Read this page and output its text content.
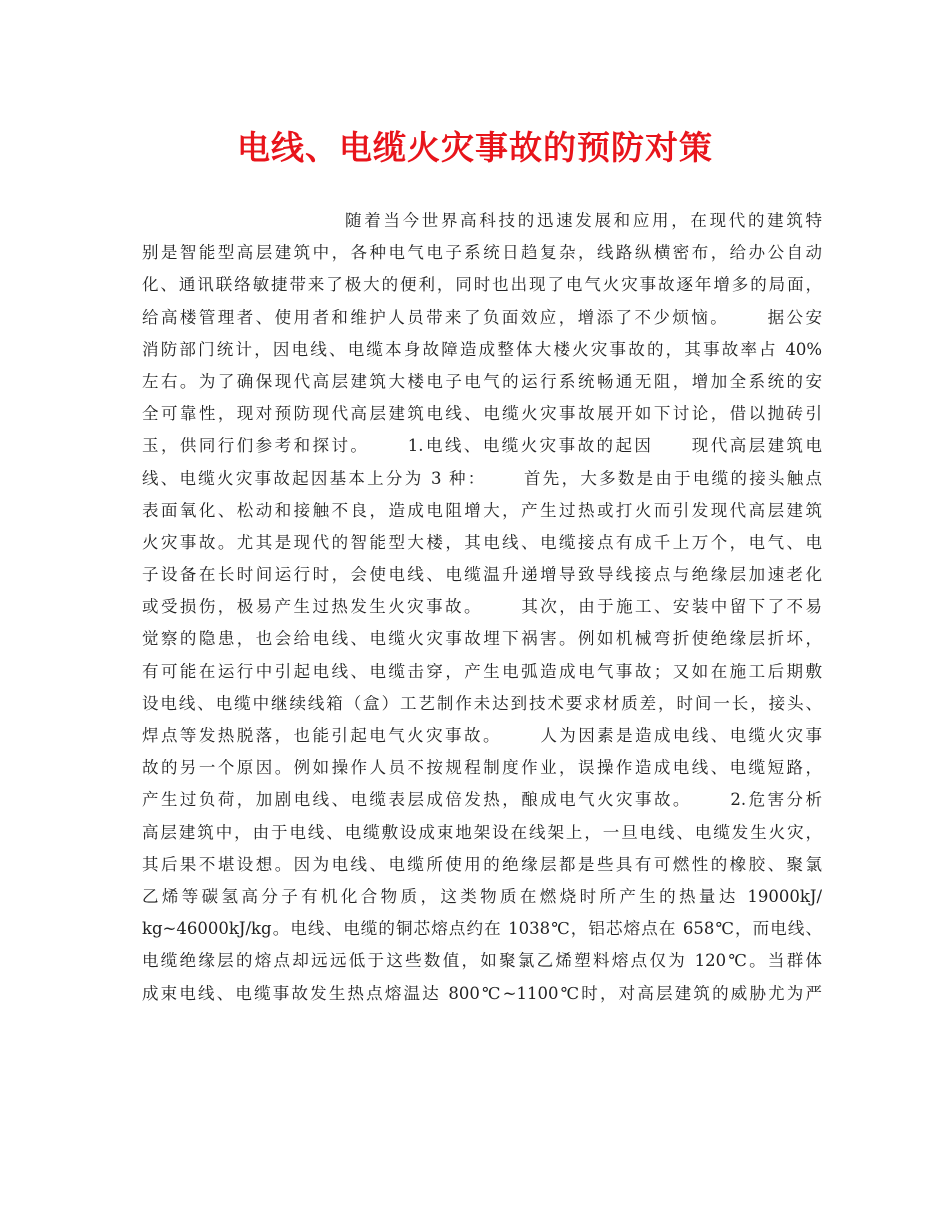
电线、电缆火灾事故的预防对策
随着当今世界高科技的迅速发展和应用，在现代的建筑特
别是智能型高层建筑中，各种电气电子系统日趋复杂，线路纵横密布，给办公自动
化、通讯联络敏捷带来了极大的便利，同时也出现了电气火灾事故逐年增多的局面，
给高楼管理者、使用者和维护人员带来了负面效应，增添了不少烦恼。     据公安
消防部门统计，因电线、电缆本身故障造成整体大楼火灾事故的，其事故率占 40%
左右。为了确保现代高层建筑大楼电子电气的运行系统畅通无阻，增加全系统的安
全可靠性，现对预防现代高层建筑电线、电缆火灾事故展开如下讨论，借以抛砖引
玉，供同行们参考和探讨。     1.电线、电缆火灾事故的起因     现代高层建筑电
线、电缆火灾事故起因基本上分为 3 种：     首先，大多数是由于电缆的接头触点
表面氧化、松动和接触不良，造成电阻增大，产生过热或打火而引发现代高层建筑
火灾事故。尤其是现代的智能型大楼，其电线、电缆接点有成千上万个，电气、电
子设备在长时间运行时，会使电线、电缆温升递增导致导线接点与绝缘层加速老化
或受损伤，极易产生过热发生火灾事故。     其次，由于施工、安装中留下了不易
觉察的隐患，也会给电线、电缆火灾事故埋下祸害。例如机械弯折使绝缘层折坏，
有可能在运行中引起电线、电缆击穿，产生电弧造成电气事故；又如在施工后期敷
设电线、电缆中继续线箱（盒）工艺制作未达到技术要求材质差，时间一长，接头、
焊点等发热脱落，也能引起电气火灾事故。     人为因素是造成电线、电缆火灾事
故的另一个原因。例如操作人员不按规程制度作业，误操作造成电线、电缆短路，
产生过负荷，加剧电线、电缆表层成倍发热，酿成电气火灾事故。     2.危害分析
高层建筑中，由于电线、电缆敷设成束地架设在线架上，一旦电线、电缆发生火灾，
其后果不堪设想。因为电线、电缆所使用的绝缘层都是些具有可燃性的橡胶、聚氯
乙烯等碳氢高分子有机化合物质，这类物质在燃烧时所产生的热量达 19000kJ/
kg~46000kJ/kg。电线、电缆的铜芯熔点约在 1038℃，铝芯熔点在 658℃，而电线、
电缆绝缘层的熔点却远远低于这些数值，如聚氯乙烯塑料熔点仅为 120℃。当群体
成束电线、电缆事故发生热点熔温达 800℃~1100℃时，对高层建筑的威胁尤为严
